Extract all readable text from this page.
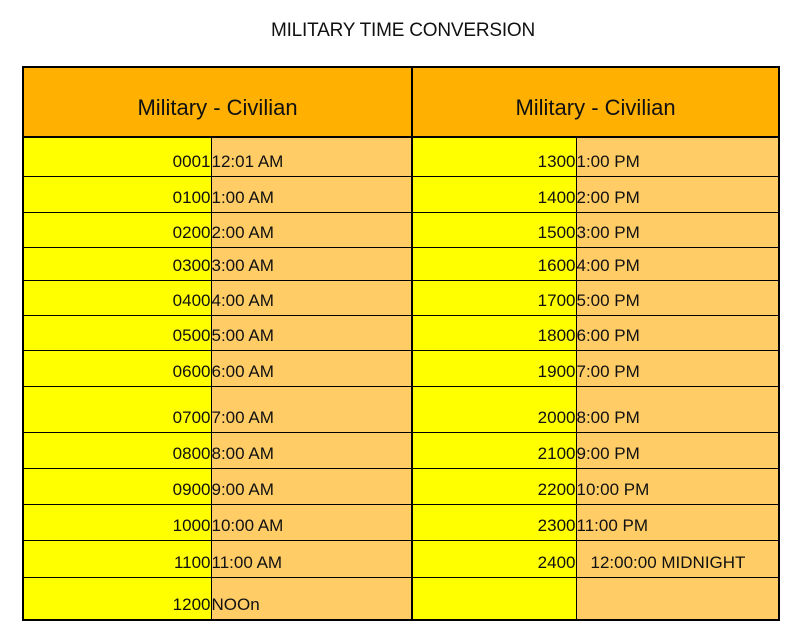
MILITARY TIME CONVERSION
Military - Civilian		Military - Civilian	
0001	12:01 AM	1300	1:00 PM
0100	1:00 AM	1400	2:00 PM
0200	2:00 AM	1500	3:00 PM
0300	3:00 AM	1600	4:00 PM
0400	4:00 AM	1700	5:00 PM
0500	5:00 AM	1800	6:00 PM
0600	6:00 AM	1900	7:00 PM
0700	7:00 AM	2000	8:00 PM
0800	8:00 AM	2100	9:00 PM
0900	9:00 AM	2200	10:00 PM
1000	10:00 AM	2300	11:00 PM
1100	11:00 AM	2400	12:00:00 MIDNIGHT
1200	NOOn		
